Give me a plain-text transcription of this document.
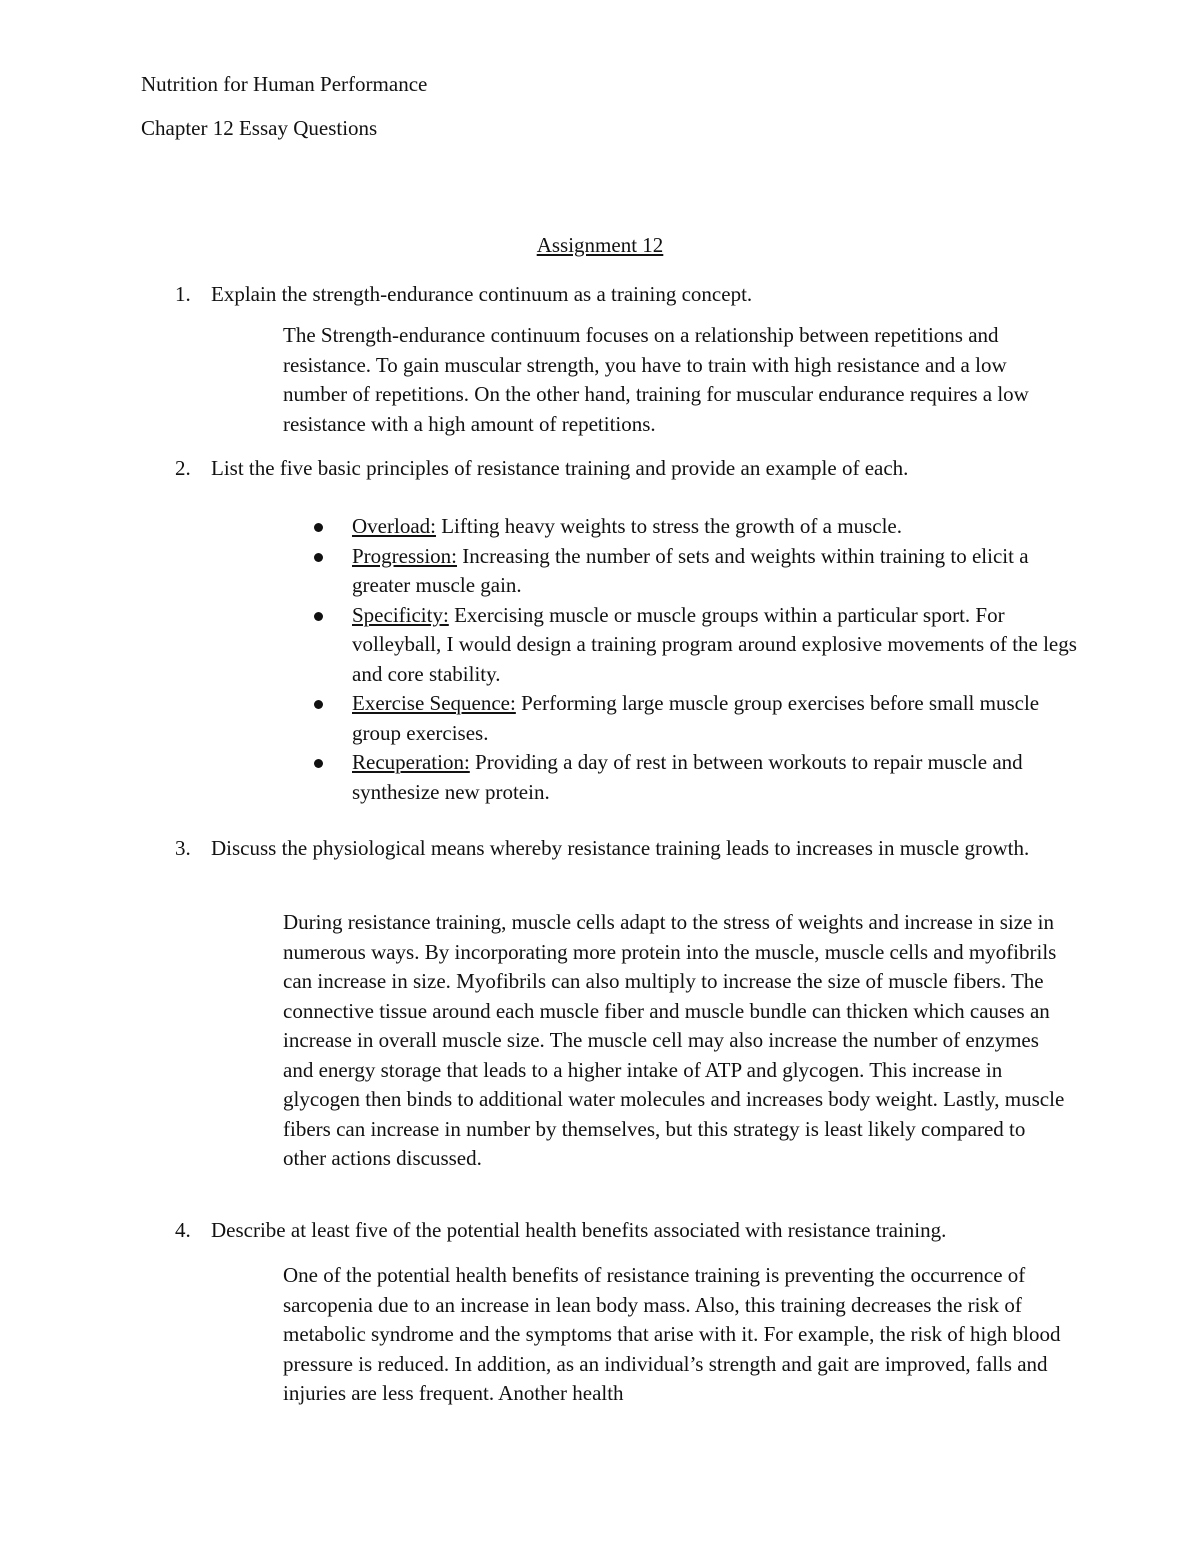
Nutrition for Human Performance
Chapter 12 Essay Questions
Assignment 12
1. Explain the strength-endurance continuum as a training concept.
The Strength-endurance continuum focuses on a relationship between repetitions and resistance. To gain muscular strength, you have to train with high resistance and a low number of repetitions. On the other hand, training for muscular endurance requires a low resistance with a high amount of repetitions.
2. List the five basic principles of resistance training and provide an example of each.
Overload: Lifting heavy weights to stress the growth of a muscle.
Progression: Increasing the number of sets and weights within training to elicit a greater muscle gain.
Specificity: Exercising muscle or muscle groups within a particular sport. For volleyball, I would design a training program around explosive movements of the legs and core stability.
Exercise Sequence: Performing large muscle group exercises before small muscle group exercises.
Recuperation: Providing a day of rest in between workouts to repair muscle and synthesize new protein.
3. Discuss the physiological means whereby resistance training leads to increases in muscle growth.
During resistance training, muscle cells adapt to the stress of weights and increase in size in numerous ways. By incorporating more protein into the muscle, muscle cells and myofibrils can increase in size. Myofibrils can also multiply to increase the size of muscle fibers. The connective tissue around each muscle fiber and muscle bundle can thicken which causes an increase in overall muscle size. The muscle cell may also increase the number of enzymes and energy storage that leads to a higher intake of ATP and glycogen. This increase in glycogen then binds to additional water molecules and increases body weight. Lastly, muscle fibers can increase in number by themselves, but this strategy is least likely compared to other actions discussed.
4. Describe at least five of the potential health benefits associated with resistance training.
One of the potential health benefits of resistance training is preventing the occurrence of sarcopenia due to an increase in lean body mass. Also, this training decreases the risk of metabolic syndrome and the symptoms that arise with it. For example, the risk of high blood pressure is reduced. In addition, as an individual’s strength and gait are improved, falls and injuries are less frequent. Another health
